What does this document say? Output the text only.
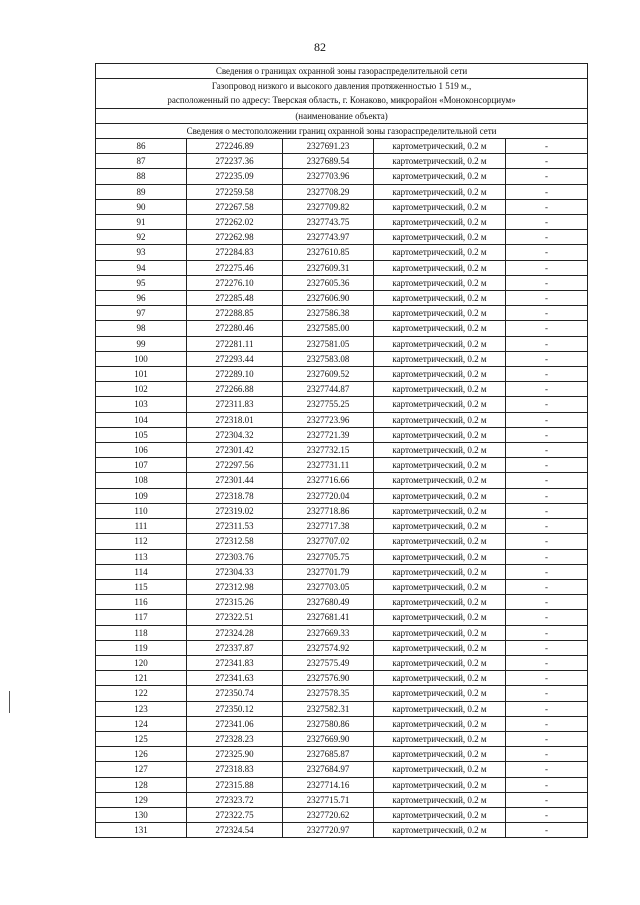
82
Сведения о границах охранной зоны газораспределительной сети				
Газопровод низкого и высокого давления протяженностью 1 519 м.,
расположенный по адресу: Тверская область, г. Конаково, микрорайон «Моноконсорциум»				
(наименование объекта)				
Сведения о местоположении границ охранной зоны газораспределительной сети				
86	272246.89	2327691.23	картометрический, 0.2 м	-
87	272237.36	2327689.54	картометрический, 0.2 м	-
88	272235.09	2327703.96	картометрический, 0.2 м	-
89	272259.58	2327708.29	картометрический, 0.2 м	-
90	272267.58	2327709.82	картометрический, 0.2 м	-
91	272262.02	2327743.75	картометрический, 0.2 м	-
92	272262.98	2327743.97	картометрический, 0.2 м	-
93	272284.83	2327610.85	картометрический, 0.2 м	-
94	272275.46	2327609.31	картометрический, 0.2 м	-
95	272276.10	2327605.36	картометрический, 0.2 м	-
96	272285.48	2327606.90	картометрический, 0.2 м	-
97	272288.85	2327586.38	картометрический, 0.2 м	-
98	272280.46	2327585.00	картометрический, 0.2 м	-
99	272281.11	2327581.05	картометрический, 0.2 м	-
100	272293.44	2327583.08	картометрический, 0.2 м	-
101	272289.10	2327609.52	картометрический, 0.2 м	-
102	272266.88	2327744.87	картометрический, 0.2 м	-
103	272311.83	2327755.25	картометрический, 0.2 м	-
104	272318.01	2327723.96	картометрический, 0.2 м	-
105	272304.32	2327721.39	картометрический, 0.2 м	-
106	272301.42	2327732.15	картометрический, 0.2 м	-
107	272297.56	2327731.11	картометрический, 0.2 м	-
108	272301.44	2327716.66	картометрический, 0.2 м	-
109	272318.78	2327720.04	картометрический, 0.2 м	-
110	272319.02	2327718.86	картометрический, 0.2 м	-
111	272311.53	2327717.38	картометрический, 0.2 м	-
112	272312.58	2327707.02	картометрический, 0.2 м	-
113	272303.76	2327705.75	картометрический, 0.2 м	-
114	272304.33	2327701.79	картометрический, 0.2 м	-
115	272312.98	2327703.05	картометрический, 0.2 м	-
116	272315.26	2327680.49	картометрический, 0.2 м	-
117	272322.51	2327681.41	картометрический, 0.2 м	-
118	272324.28	2327669.33	картометрический, 0.2 м	-
119	272337.87	2327574.92	картометрический, 0.2 м	-
120	272341.83	2327575.49	картометрический, 0.2 м	-
121	272341.63	2327576.90	картометрический, 0.2 м	-
122	272350.74	2327578.35	картометрический, 0.2 м	-
123	272350.12	2327582.31	картометрический, 0.2 м	-
124	272341.06	2327580.86	картометрический, 0.2 м	-
125	272328.23	2327669.90	картометрический, 0.2 м	-
126	272325.90	2327685.87	картометрический, 0.2 м	-
127	272318.83	2327684.97	картометрический, 0.2 м	-
128	272315.88	2327714.16	картометрический, 0.2 м	-
129	272323.72	2327715.71	картометрический, 0.2 м	-
130	272322.75	2327720.62	картометрический, 0.2 м	-
131	272324.54	2327720.97	картометрический, 0.2 м	-
